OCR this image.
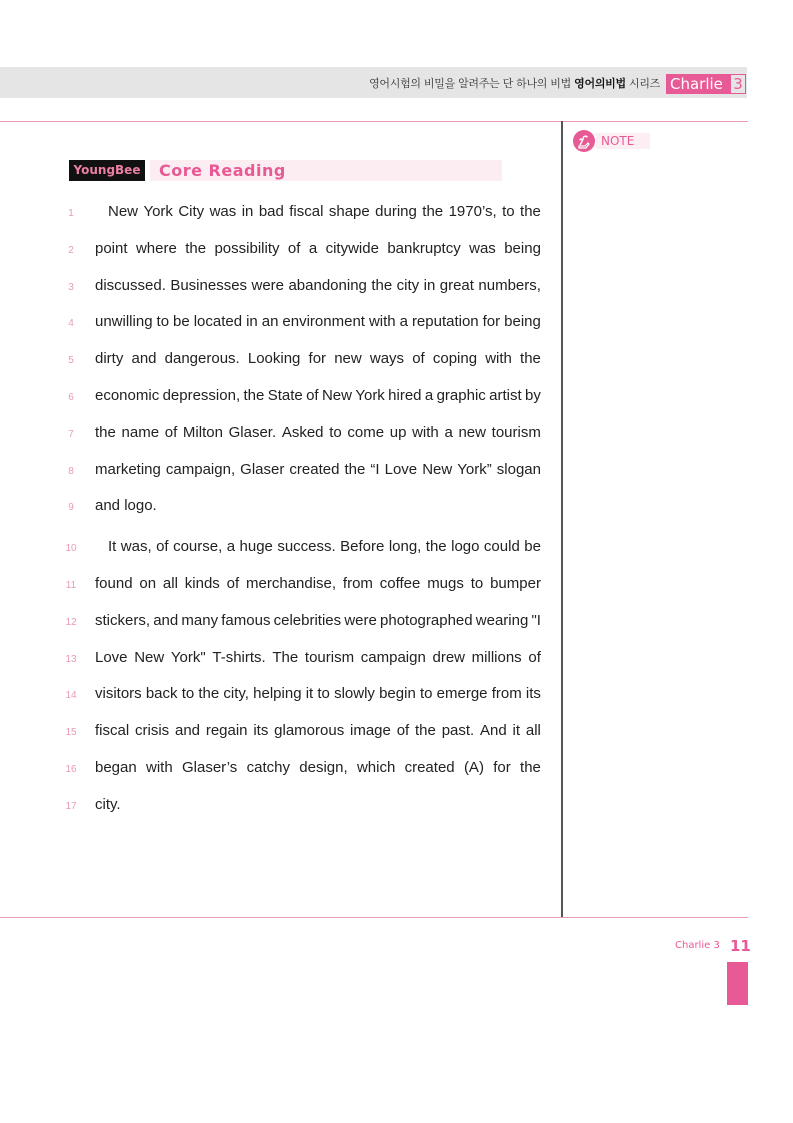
영어시험의 비밀을 알려주는 단 하나의 비법 영어의비법 시리즈 Charlie 3
NOTE
YoungBee Core Reading
1	New York City was in bad fiscal shape during the 1970’s, to the
2	point where the possibility of a citywide bankruptcy was being
3	discussed. Businesses were abandoning the city in great numbers,
4	unwilling to be located in an environment with a reputation for being
5	dirty and dangerous. Looking for new ways of coping with the
6	economic depression, the State of New York hired a graphic artist by
7	the name of Milton Glaser. Asked to come up with a new tourism
8	marketing campaign, Glaser created the “I Love New York” slogan
9	and logo.
10	It was, of course, a huge success. Before long, the logo could be
11	found on all kinds of merchandise, from coffee mugs to bumper
12	stickers, and many famous celebrities were photographed wearing "I
13	Love New York" T-shirts. The tourism campaign drew millions of
14	visitors back to the city, helping it to slowly begin to emerge from its
15	fiscal crisis and regain its glamorous image of the past. And it all
16	began with Glaser’s catchy design, which created (A) for the
17	city.
Charlie 3 11
